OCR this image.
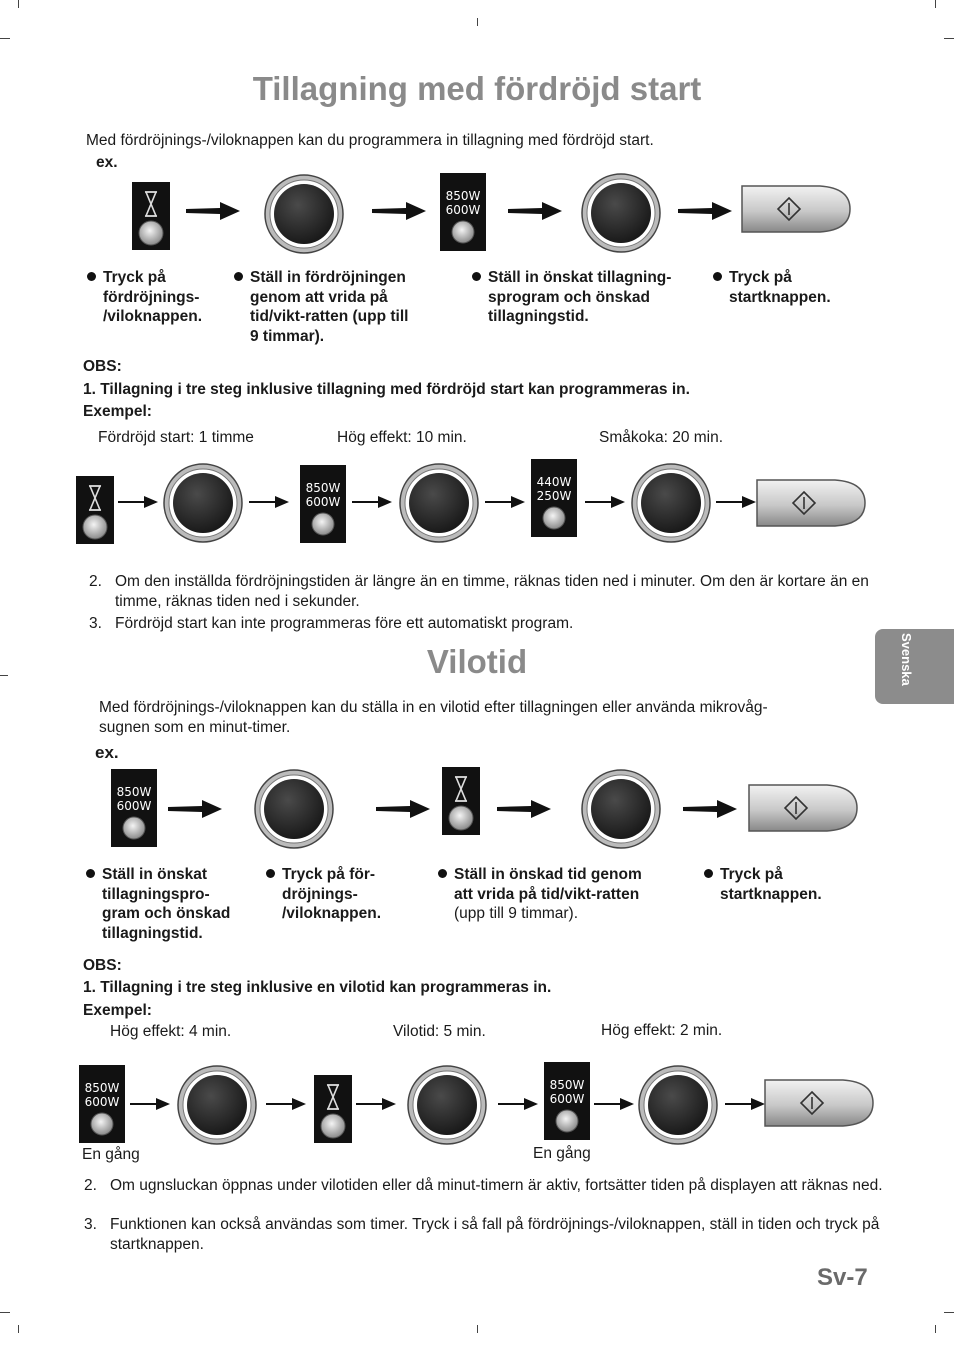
Tillagning med fördröjd start
Med fördröjnings-/viloknappen kan du programmera in tillagning med fördröjd start.
ex.
850W
600W
Tryck på
fördröjnings-
/viloknappen.
Ställ in fördröjningen
genom att vrida på
tid/vikt-ratten (upp till
9 timmar).
Ställ in önskat tillagning-
sprogram och önskad
tillagningstid.
Tryck på
startknappen.
OBS:
1. Tillagning i tre steg inklusive tillagning med fördröjd start kan programmeras in.
Exempel:
Fördröjd start: 1 timme	Hög effekt: 10 min.	Småkoka: 20 min.
850W
600W
440W
250W
2. Om den inställda fördröjningstiden är längre än en timme, räknas tiden ned i minuter. Om den är kortare än en timme, räknas tiden ned i sekunder.
3. Fördröjd start kan inte programmeras före ett automatiskt program.
Svenska
Vilotid
Med fördröjnings-/viloknappen kan du ställa in en vilotid efter tillagningen eller använda mikrovåg-
sugnen som en minut-timer.
ex.
850W
600W
Ställ in önskat
tillagningspro-
gram och önskad
tillagningstid.
Tryck på för-
dröjnings-
/viloknappen.
Ställ in önskad tid genom
att vrida på tid/vikt-ratten
(upp till 9 timmar).
Tryck på
startknappen.
OBS:
1. Tillagning i tre steg inklusive en vilotid kan programmeras in.
Exempel:
Hög effekt: 4 min.	Vilotid: 5 min.	Hög effekt: 2 min.
850W
600W
850W
600W
En gång	En gång
2. Om ugnsluckan öppnas under vilotiden eller då minut-timern är aktiv, fortsätter tiden på displayen att räknas ned.
3. Funktionen kan också användas som timer. Tryck i så fall på fördröjnings-/viloknappen, ställ in tiden och tryck på startknappen.
Sv-7
